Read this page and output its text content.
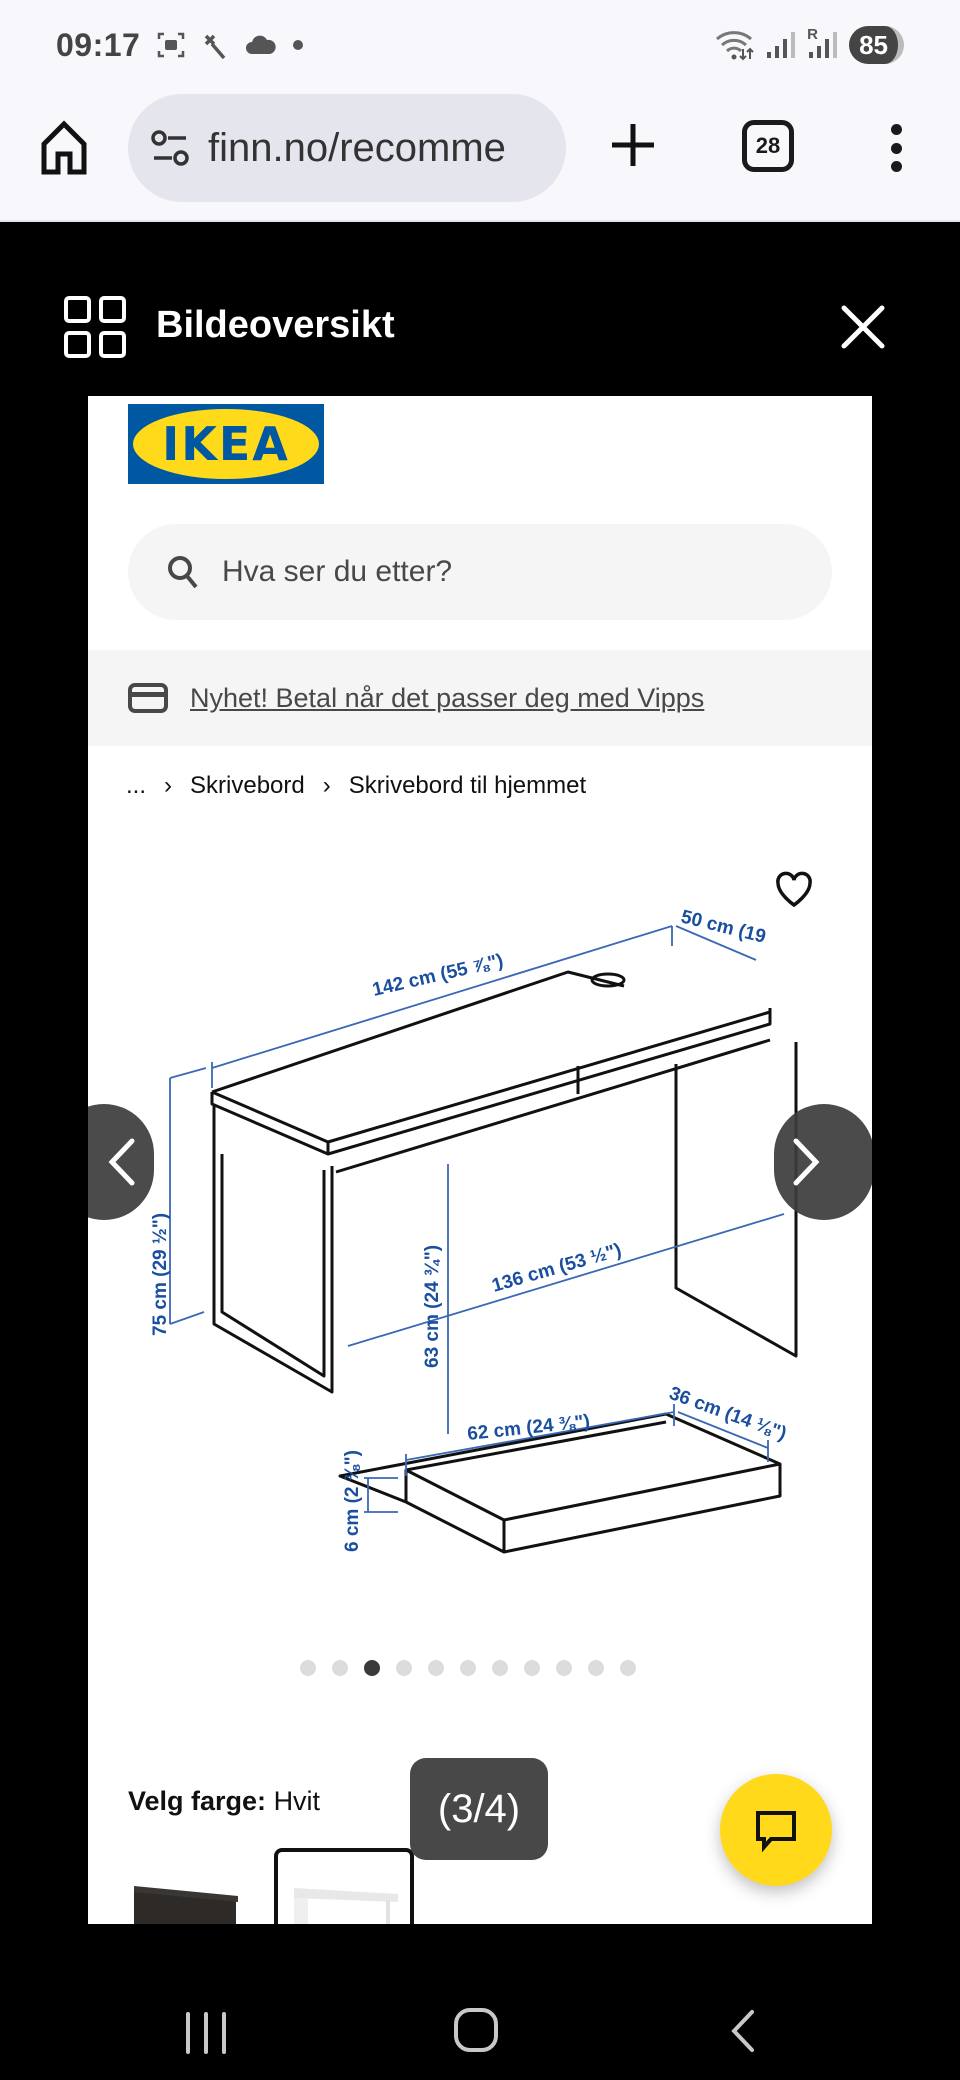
09:17	R	85
finn.no/recomme	28
Bildeoversikt
IKEA
Hva ser du etter?
Nyhet! Betal når det passer deg med Vipps
... › Skrivebord › Skrivebord til hjemmet
142 cm (55 ⅞")
50 cm (19
75 cm (29 ½")	63 cm (24 ¾") 136 cm (53 ½")
62 cm (24 ⅜")	36 cm (14 ⅛")
6 cm (2 ⅜")
Velg farge: Hvit	(3/4)
